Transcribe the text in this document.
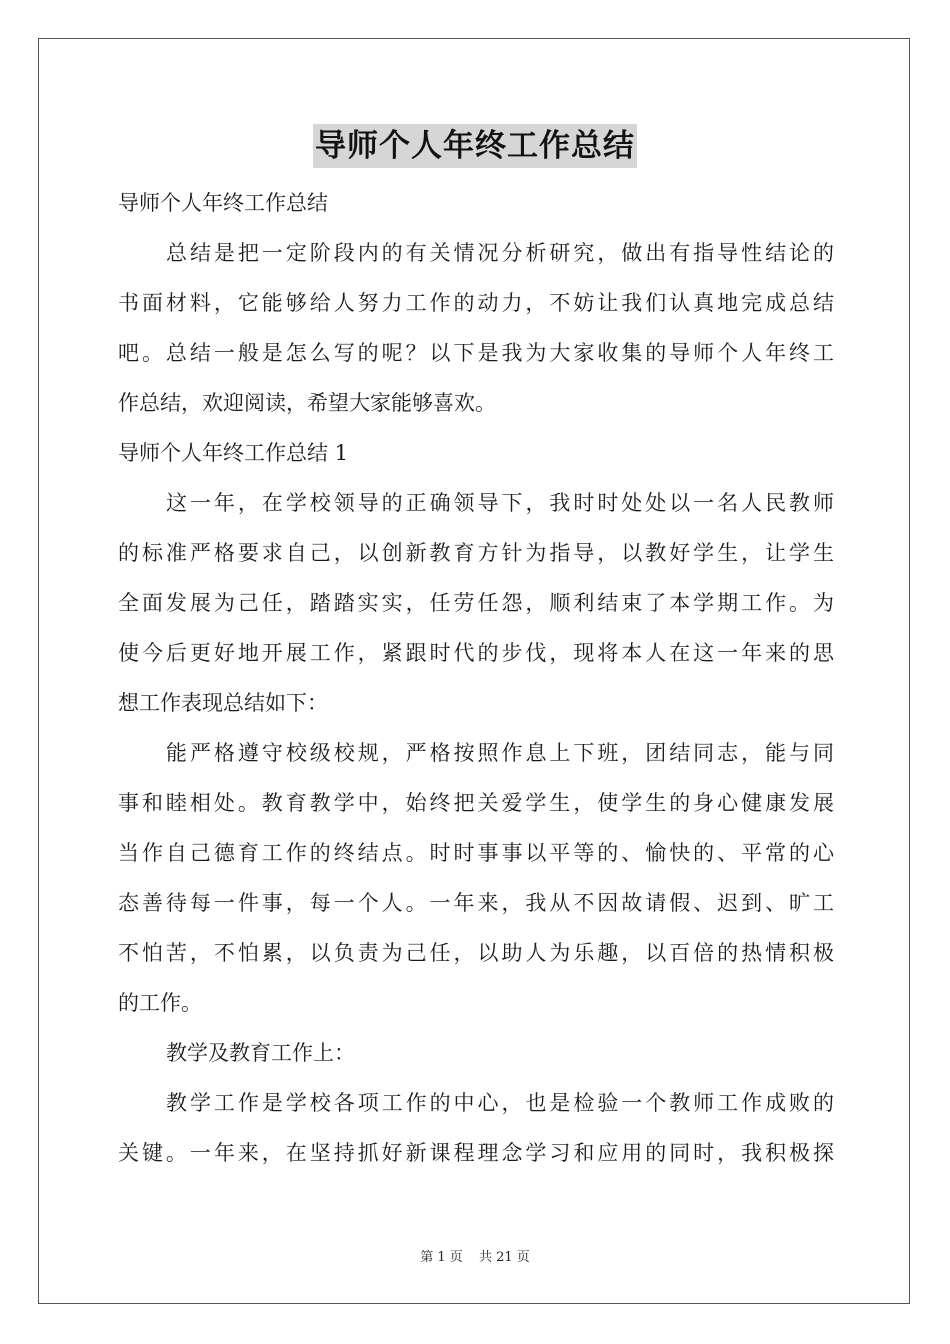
导师个人年终工作总结
导师个人年终工作总结
总结是把一定阶段内的有关情况分析研究，做出有指导性结论的
书面材料，它能够给人努力工作的动力，不妨让我们认真地完成总结
吧。总结一般是怎么写的呢？以下是我为大家收集的导师个人年终工
作总结，欢迎阅读，希望大家能够喜欢。
导师个人年终工作总结 1
这一年，在学校领导的正确领导下，我时时处处以一名人民教师
的标准严格要求自己，以创新教育方针为指导，以教好学生，让学生
全面发展为己任，踏踏实实，任劳任怨，顺利结束了本学期工作。为
使今后更好地开展工作，紧跟时代的步伐，现将本人在这一年来的思
想工作表现总结如下：
能严格遵守校级校规，严格按照作息上下班，团结同志，能与同
事和睦相处。教育教学中，始终把关爱学生，使学生的身心健康发展
当作自己德育工作的终结点。时时事事以平等的、愉快的、平常的心
态善待每一件事，每一个人。一年来，我从不因故请假、迟到、旷工
不怕苦，不怕累，以负责为己任，以助人为乐趣，以百倍的热情积极
的工作。
教学及教育工作上：
教学工作是学校各项工作的中心，也是检验一个教师工作成败的
关键。一年来，在坚持抓好新课程理念学习和应用的同时，我积极探
第 1 页 共 21 页
